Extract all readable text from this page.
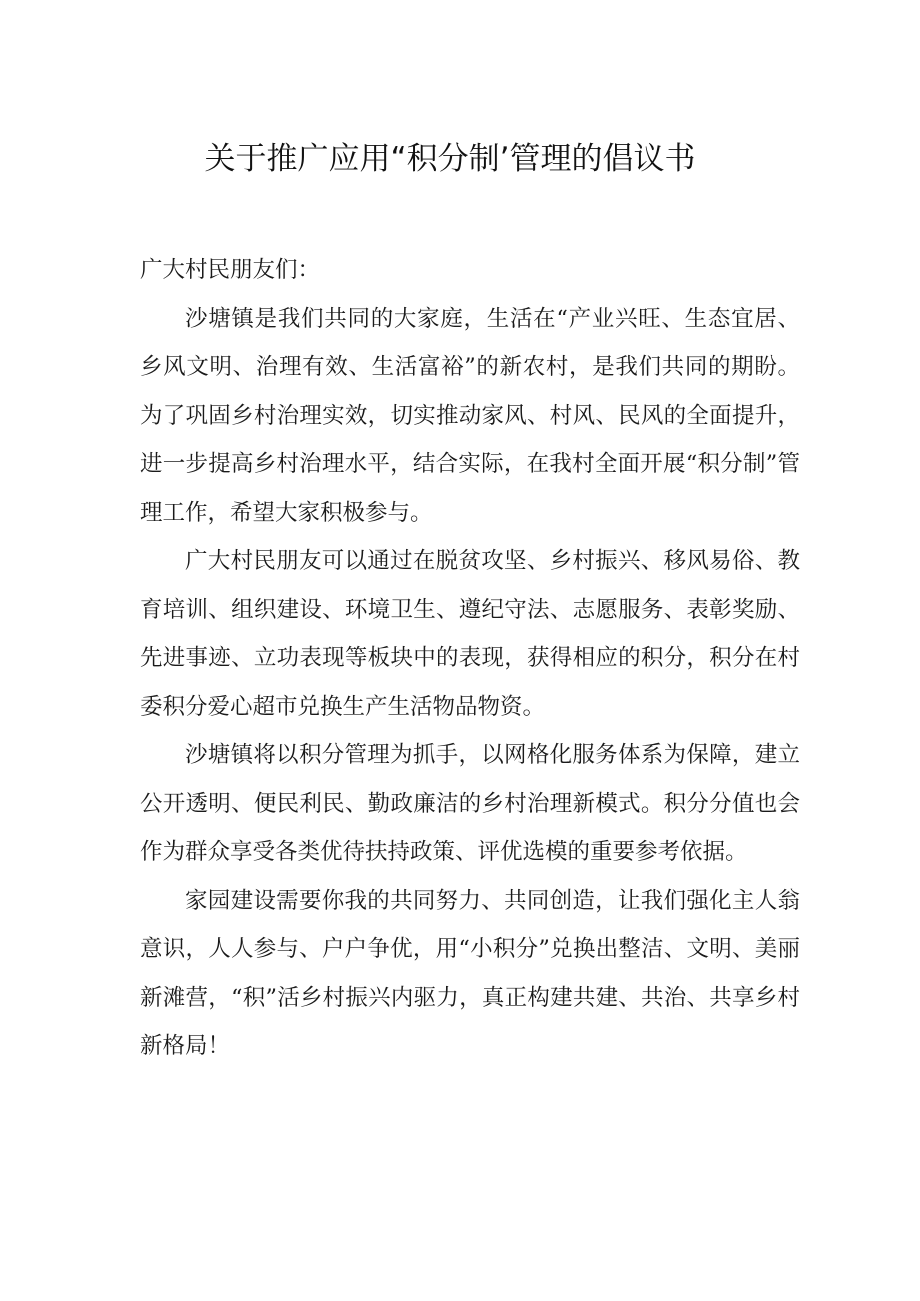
关于推广应用“积分制’管理的倡议书

广大村民朋友们：

沙塘镇是我们共同的大家庭，生活在“产业兴旺、生态宜居、乡风文明、治理有效、生活富裕”的新农村，是我们共同的期盼。为了巩固乡村治理实效，切实推动家风、村风、民风的全面提升，进一步提高乡村治理水平，结合实际，在我村全面开展“积分制”管理工作，希望大家积极参与。

广大村民朋友可以通过在脱贫攻坚、乡村振兴、移风易俗、教育培训、组织建设、环境卫生、遵纪守法、志愿服务、表彰奖励、先进事迹、立功表现等板块中的表现，获得相应的积分，积分在村委积分爱心超市兑换生产生活物品物资。

沙塘镇将以积分管理为抓手，以网格化服务体系为保障，建立公开透明、便民利民、勤政廉洁的乡村治理新模式。积分分值也会作为群众享受各类优待扶持政策、评优选模的重要参考依据。

家园建设需要你我的共同努力、共同创造，让我们强化主人翁意识，人人参与、户户争优，用“小积分”兑换出整洁、文明、美丽新滩营，“积”活乡村振兴内驱力，真正构建共建、共治、共享乡村新格局！
